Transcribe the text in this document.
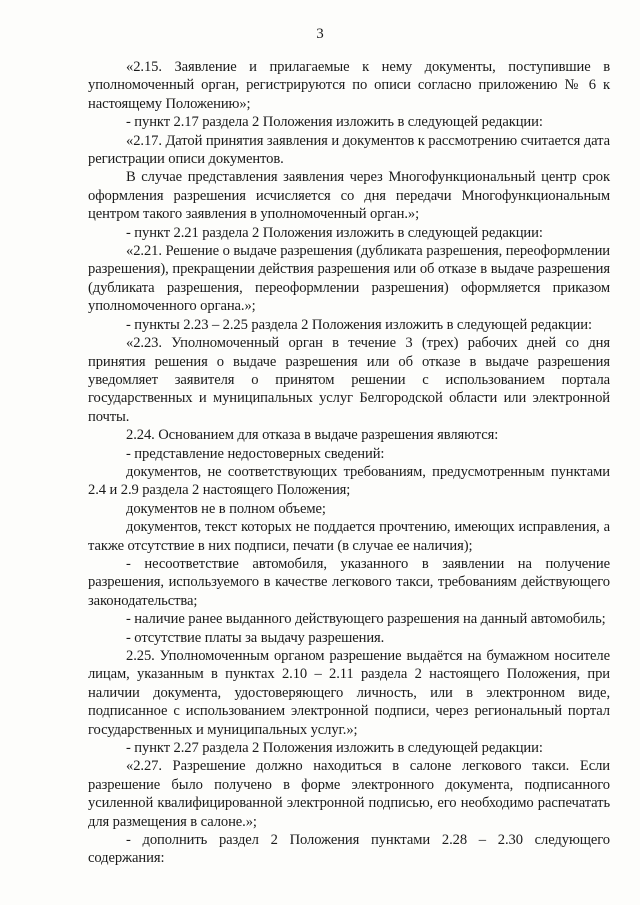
3

«2.15. Заявление и прилагаемые к нему документы, поступившие в уполномоченный орган, регистрируются по описи согласно приложению № 6 к настоящему Положению»;

- пункт 2.17 раздела 2 Положения изложить в следующей редакции:

«2.17. Датой принятия заявления и документов к рассмотрению считается дата регистрации описи документов.

В случае представления заявления через Многофункциональный центр срок оформления разрешения исчисляется со дня передачи Многофункциональным центром такого заявления в уполномоченный орган.»;

- пункт 2.21 раздела 2 Положения изложить в следующей редакции:

«2.21. Решение о выдаче разрешения (дубликата разрешения, переоформлении разрешения), прекращении действия разрешения или об отказе в выдаче разрешения (дубликата разрешения, переоформлении разрешения) оформляется приказом уполномоченного органа.»;

- пункты 2.23 – 2.25 раздела 2 Положения изложить в следующей редакции:

«2.23. Уполномоченный орган в течение 3 (трех) рабочих дней со дня принятия решения о выдаче разрешения или об отказе в выдаче разрешения уведомляет заявителя о принятом решении с использованием портала государственных и муниципальных услуг Белгородской области или электронной почты.

2.24. Основанием для отказа в выдаче разрешения являются:

- представление недостоверных сведений:

документов, не соответствующих требованиям, предусмотренным пунктами 2.4 и 2.9 раздела 2 настоящего Положения;

документов не в полном объеме;

документов, текст которых не поддается прочтению, имеющих исправления, а также отсутствие в них подписи, печати (в случае ее наличия);

- несоответствие автомобиля, указанного в заявлении на получение разрешения, используемого в качестве легкового такси, требованиям действующего законодательства;

- наличие ранее выданного действующего разрешения на данный автомобиль;

- отсутствие платы за выдачу разрешения.

2.25. Уполномоченным органом разрешение выдаётся на бумажном носителе лицам, указанным в пунктах 2.10 – 2.11 раздела 2 настоящего Положения, при наличии документа, удостоверяющего личность, или в электронном виде, подписанное с использованием электронной подписи, через региональный портал государственных и муниципальных услуг.»;

- пункт 2.27 раздела 2 Положения изложить в следующей редакции:

«2.27. Разрешение должно находиться в салоне легкового такси. Если разрешение было получено в форме электронного документа, подписанного усиленной квалифицированной электронной подписью, его необходимо распечатать для размещения в салоне.»;

- дополнить раздел 2 Положения пунктами 2.28 – 2.30 следующего содержания:
